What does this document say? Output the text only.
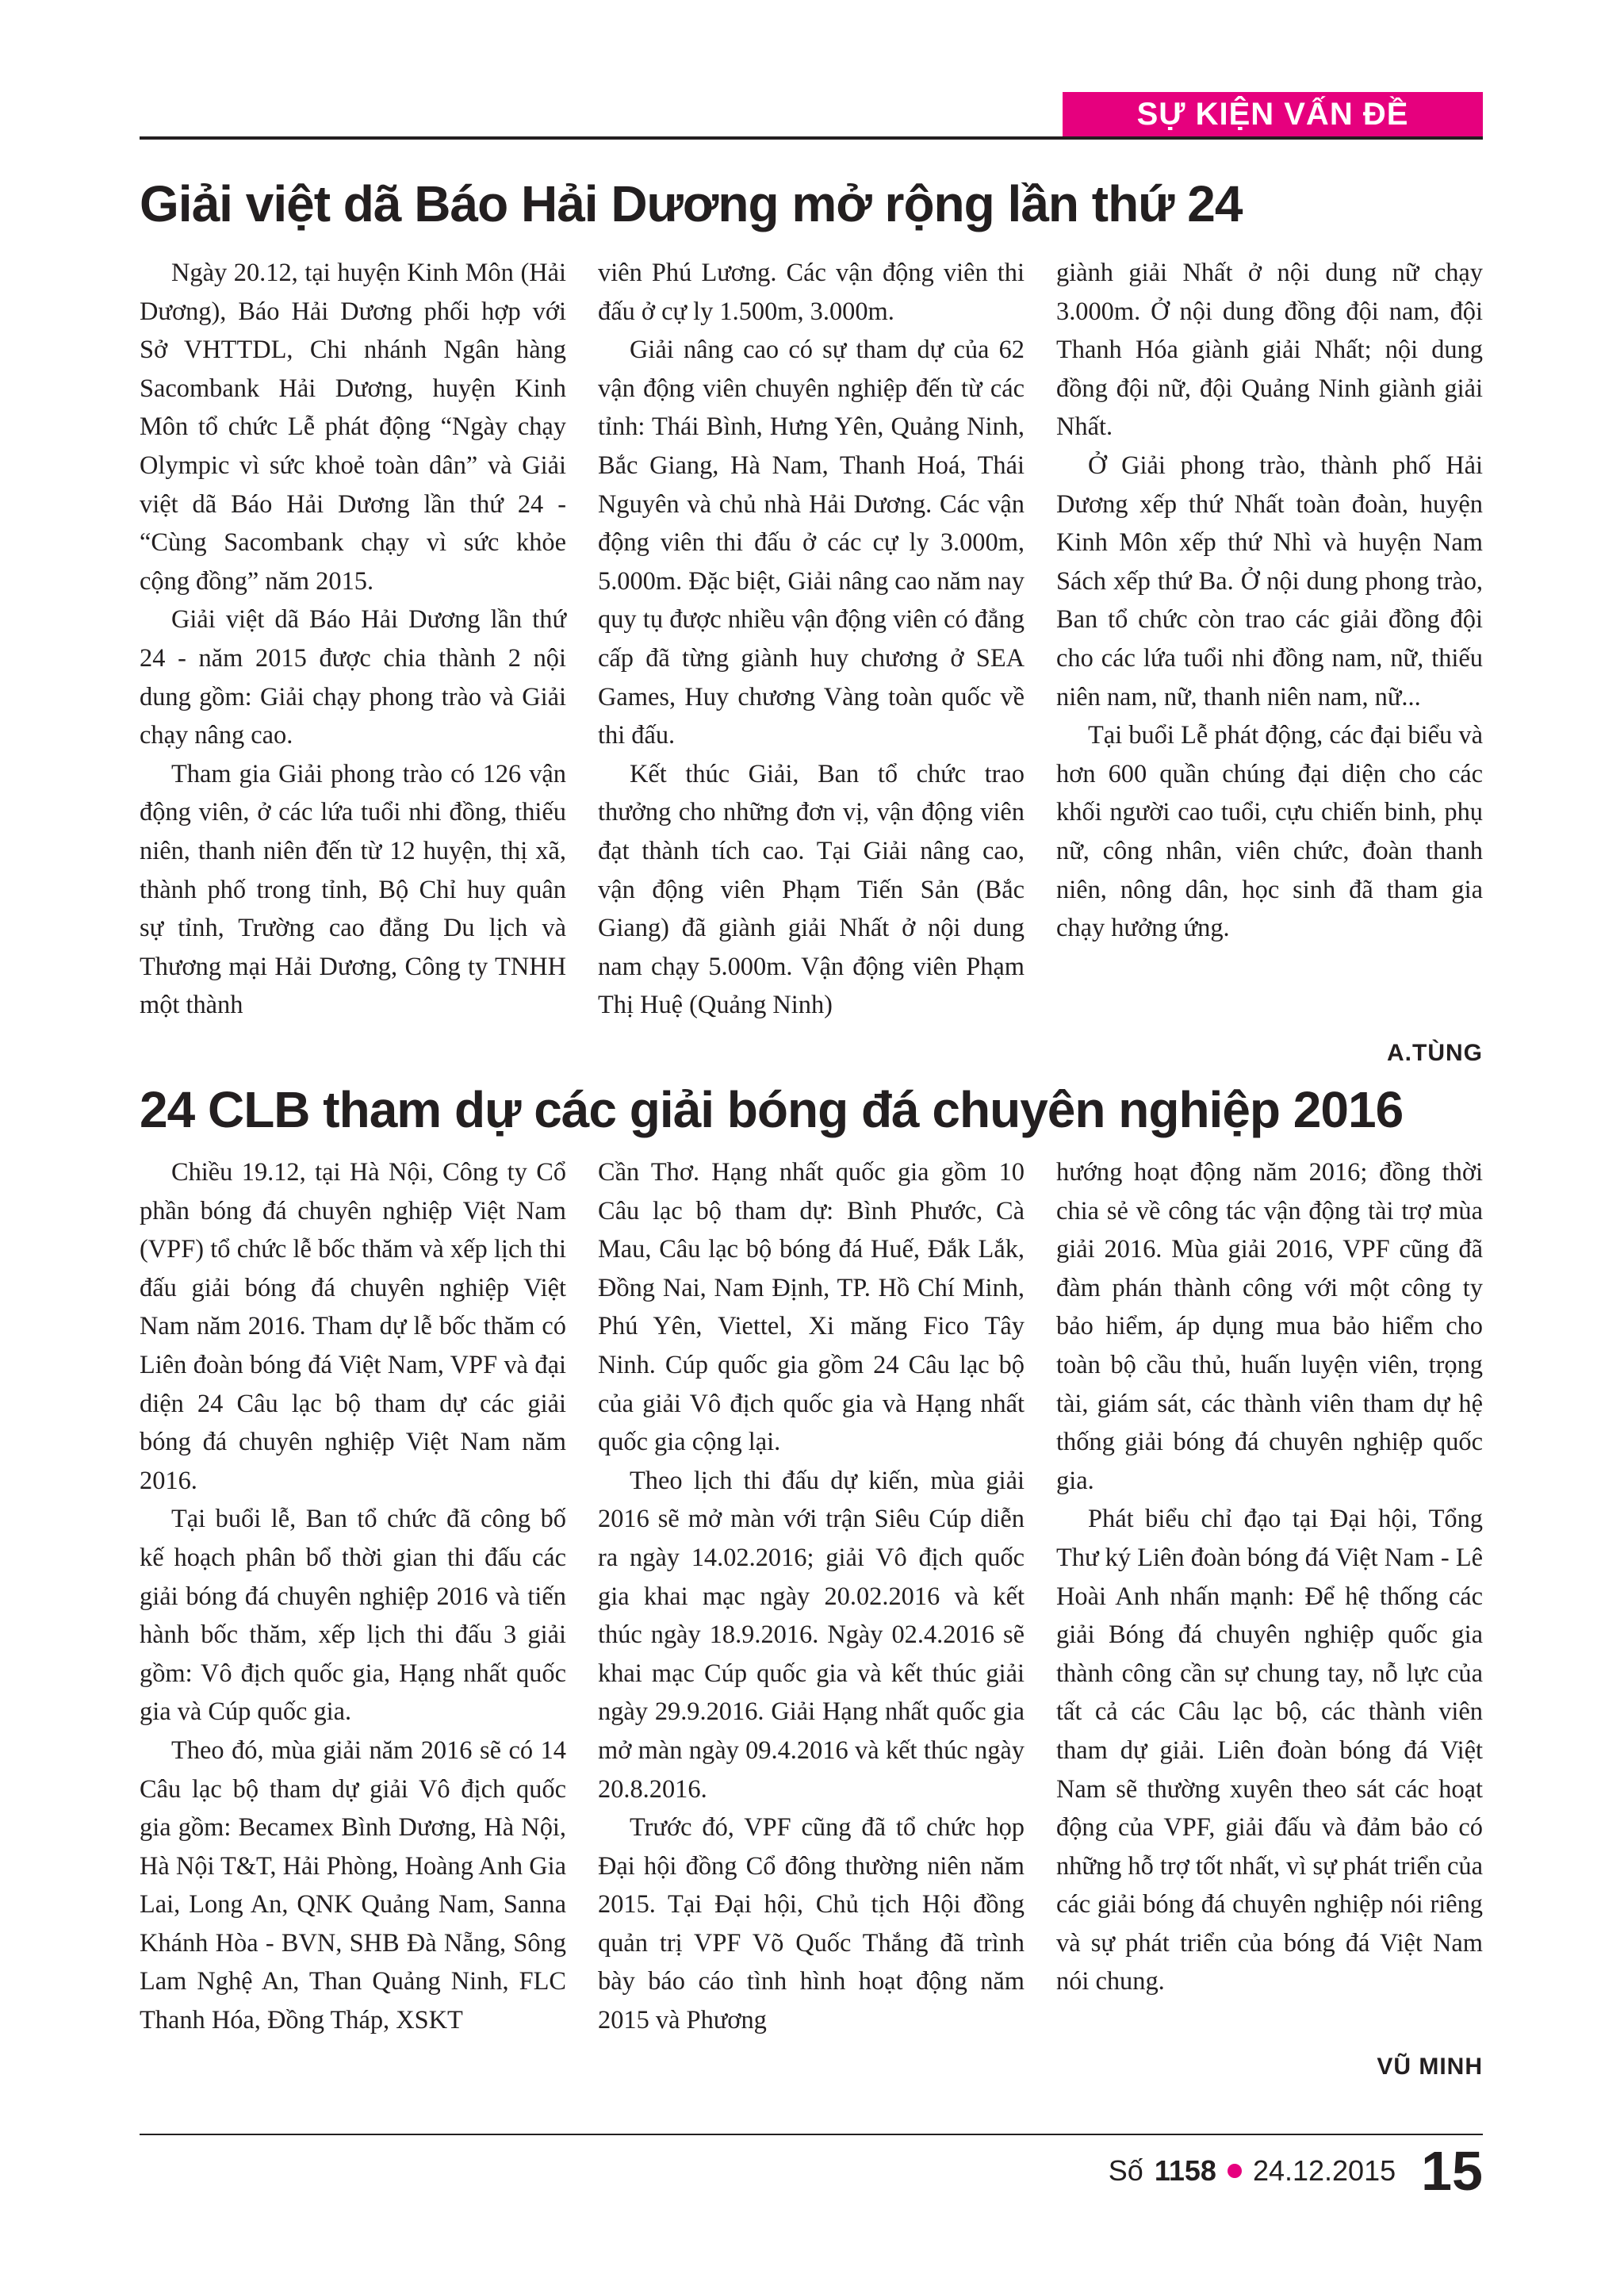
SỰ KIỆN VẤN ĐỀ
Giải việt dã Báo Hải Dương mở rộng lần thứ 24

Ngày 20.12, tại huyện Kinh Môn (Hải Dương), Báo Hải Dương phối hợp với Sở VHTTDL, Chi nhánh Ngân hàng Sacombank Hải Dương, huyện Kinh Môn tổ chức Lễ phát động “Ngày chạy Olympic vì sức khoẻ toàn dân” và Giải việt dã Báo Hải Dương lần thứ 24 - “Cùng Sacombank chạy vì sức khỏe cộng đồng” năm 2015.

Giải việt dã Báo Hải Dương lần thứ 24 - năm 2015 được chia thành 2 nội dung gồm: Giải chạy phong trào và Giải chạy nâng cao.

Tham gia Giải phong trào có 126 vận động viên, ở các lứa tuổi nhi đồng, thiếu niên, thanh niên đến từ 12 huyện, thị xã, thành phố trong tỉnh, Bộ Chỉ huy quân sự tỉnh, Trường cao đẳng Du lịch và Thương mại Hải Dương, Công ty TNHH một thành

viên Phú Lương. Các vận động viên thi đấu ở cự ly 1.500m, 3.000m.

Giải nâng cao có sự tham dự của 62 vận động viên chuyên nghiệp đến từ các tỉnh: Thái Bình, Hưng Yên, Quảng Ninh, Bắc Giang, Hà Nam, Thanh Hoá, Thái Nguyên và chủ nhà Hải Dương. Các vận động viên thi đấu ở các cự ly 3.000m, 5.000m. Đặc biệt, Giải nâng cao năm nay quy tụ được nhiều vận động viên có đẳng cấp đã từng giành huy chương ở SEA Games, Huy chương Vàng toàn quốc về thi đấu.

Kết thúc Giải, Ban tổ chức trao thưởng cho những đơn vị, vận động viên đạt thành tích cao. Tại Giải nâng cao, vận động viên Phạm Tiến Sản (Bắc Giang) đã giành giải Nhất ở nội dung nam chạy 5.000m. Vận động viên Phạm Thị Huệ (Quảng Ninh)

giành giải Nhất ở nội dung nữ chạy 3.000m. Ở nội dung đồng đội nam, đội Thanh Hóa giành giải Nhất; nội dung đồng đội nữ, đội Quảng Ninh giành giải Nhất.

Ở Giải phong trào, thành phố Hải Dương xếp thứ Nhất toàn đoàn, huyện Kinh Môn xếp thứ Nhì và huyện Nam Sách xếp thứ Ba. Ở nội dung phong trào, Ban tổ chức còn trao các giải đồng đội cho các lứa tuổi nhi đồng nam, nữ, thiếu niên nam, nữ, thanh niên nam, nữ...

Tại buổi Lễ phát động, các đại biểu và hơn 600 quần chúng đại diện cho các khối người cao tuổi, cựu chiến binh, phụ nữ, công nhân, viên chức, đoàn thanh niên, nông dân, học sinh đã tham gia chạy hưởng ứng.

A.TÙNG
24 CLB tham dự các giải bóng đá chuyên nghiệp 2016

Chiều 19.12, tại Hà Nội, Công ty Cổ phần bóng đá chuyên nghiệp Việt Nam (VPF) tổ chức lễ bốc thăm và xếp lịch thi đấu giải bóng đá chuyên nghiệp Việt Nam năm 2016. Tham dự lễ bốc thăm có Liên đoàn bóng đá Việt Nam, VPF và đại diện 24 Câu lạc bộ tham dự các giải bóng đá chuyên nghiệp Việt Nam năm 2016.

Tại buổi lễ, Ban tổ chức đã công bố kế hoạch phân bổ thời gian thi đấu các giải bóng đá chuyên nghiệp 2016 và tiến hành bốc thăm, xếp lịch thi đấu 3 giải gồm: Vô địch quốc gia, Hạng nhất quốc gia và Cúp quốc gia.

Theo đó, mùa giải năm 2016 sẽ có 14 Câu lạc bộ tham dự giải Vô địch quốc gia gồm: Becamex Bình Dương, Hà Nội, Hà Nội T&T, Hải Phòng, Hoàng Anh Gia Lai, Long An, QNK Quảng Nam, Sanna Khánh Hòa - BVN, SHB Đà Nẵng, Sông Lam Nghệ An, Than Quảng Ninh, FLC Thanh Hóa, Đồng Tháp, XSKT

Cần Thơ. Hạng nhất quốc gia gồm 10 Câu lạc bộ tham dự: Bình Phước, Cà Mau, Câu lạc bộ bóng đá Huế, Đắk Lắk, Đồng Nai, Nam Định, TP. Hồ Chí Minh, Phú Yên, Viettel, Xi măng Fico Tây Ninh. Cúp quốc gia gồm 24 Câu lạc bộ của giải Vô địch quốc gia và Hạng nhất quốc gia cộng lại.

Theo lịch thi đấu dự kiến, mùa giải 2016 sẽ mở màn với trận Siêu Cúp diễn ra ngày 14.02.2016; giải Vô địch quốc gia khai mạc ngày 20.02.2016 và kết thúc ngày 18.9.2016. Ngày 02.4.2016 sẽ khai mạc Cúp quốc gia và kết thúc giải ngày 29.9.2016. Giải Hạng nhất quốc gia mở màn ngày 09.4.2016 và kết thúc ngày 20.8.2016.

Trước đó, VPF cũng đã tổ chức họp Đại hội đồng Cổ đông thường niên năm 2015. Tại Đại hội, Chủ tịch Hội đồng quản trị VPF Võ Quốc Thắng đã trình bày báo cáo tình hình hoạt động năm 2015 và Phương

hướng hoạt động năm 2016; đồng thời chia sẻ về công tác vận động tài trợ mùa giải 2016. Mùa giải 2016, VPF cũng đã đàm phán thành công với một công ty bảo hiểm, áp dụng mua bảo hiểm cho toàn bộ cầu thủ, huấn luyện viên, trọng tài, giám sát, các thành viên tham dự hệ thống giải bóng đá chuyên nghiệp quốc gia.

Phát biểu chỉ đạo tại Đại hội, Tổng Thư ký Liên đoàn bóng đá Việt Nam - Lê Hoài Anh nhấn mạnh: Để hệ thống các giải Bóng đá chuyên nghiệp quốc gia thành công cần sự chung tay, nỗ lực của tất cả các Câu lạc bộ, các thành viên tham dự giải. Liên đoàn bóng đá Việt Nam sẽ thường xuyên theo sát các hoạt động của VPF, giải đấu và đảm bảo có những hỗ trợ tốt nhất, vì sự phát triển của các giải bóng đá chuyên nghiệp nói riêng và sự phát triển của bóng đá Việt Nam nói chung.

VŨ MINH
Số 1158 24.12.2015 15
